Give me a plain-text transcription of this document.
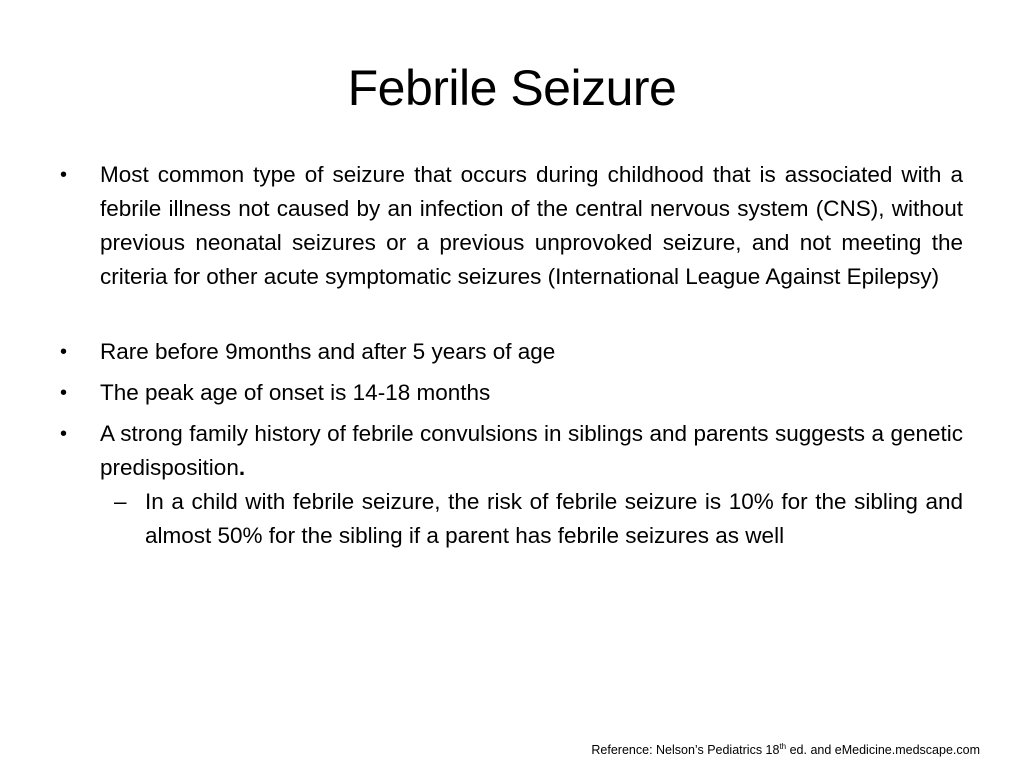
Febrile Seizure
•	Most common type of seizure that occurs during childhood that is associated with a febrile illness not caused by an infection of the central nervous system (CNS), without previous neonatal seizures or a previous unprovoked seizure, and not meeting the criteria for other acute symptomatic seizures (International League Against Epilepsy)
•	Rare before 9months and after 5 years of age
•	The peak age of onset is 14-18 months
•	A strong family history of febrile convulsions in siblings and parents suggests a genetic predisposition.
– In a child with febrile seizure, the risk of febrile seizure is 10% for the sibling and almost 50% for the sibling if a parent has febrile seizures as well
Reference: Nelson’s Pediatrics 18th ed. and eMedicine.medscape.com
